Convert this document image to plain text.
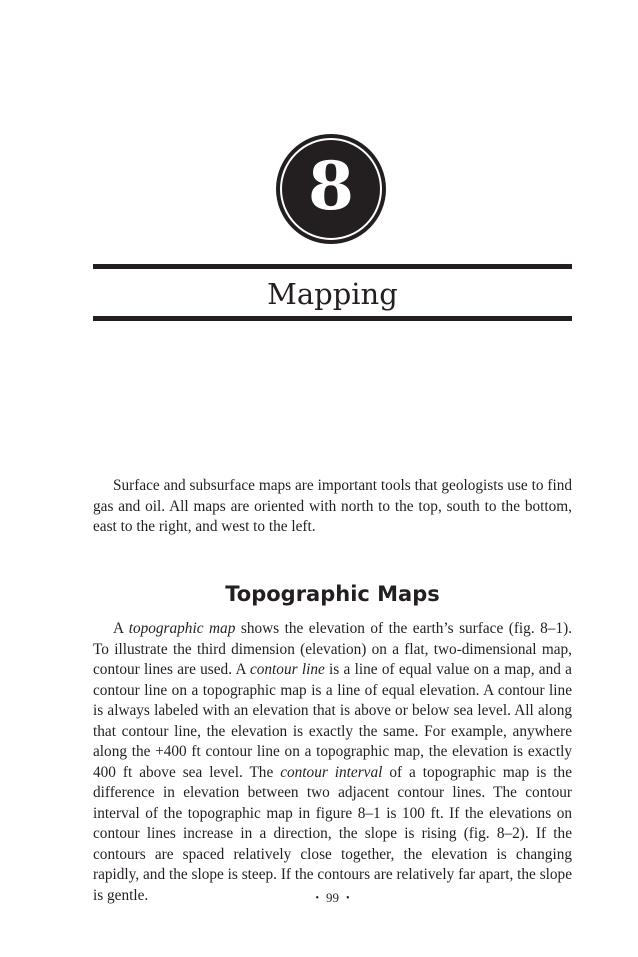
8
Mapping

Surface and subsurface maps are important tools that geologists use to find gas and oil. All maps are oriented with north to the top, south to the bottom, east to the right, and west to the left.

Topographic Maps

A topographic map shows the elevation of the earth’s surface (fig. 8–1). To illustrate the third dimension (elevation) on a flat, two-dimensional map, contour lines are used. A contour line is a line of equal value on a map, and a contour line on a topographic map is a line of equal elevation. A contour line is always labeled with an elevation that is above or below sea level. All along that contour line, the elevation is exactly the same. For example, anywhere along the +400 ft contour line on a topographic map, the elevation is exactly 400 ft above sea level. The contour interval of a topographic map is the difference in elevation between two adjacent contour lines. The contour interval of the topographic map in figure 8–1 is 100 ft. If the elevations on contour lines increase in a direction, the slope is rising (fig. 8–2). If the contours are spaced relatively close together, the elevation is changing rapidly, and the slope is steep. If the contours are relatively far apart, the slope is gentle.	• 99 •
